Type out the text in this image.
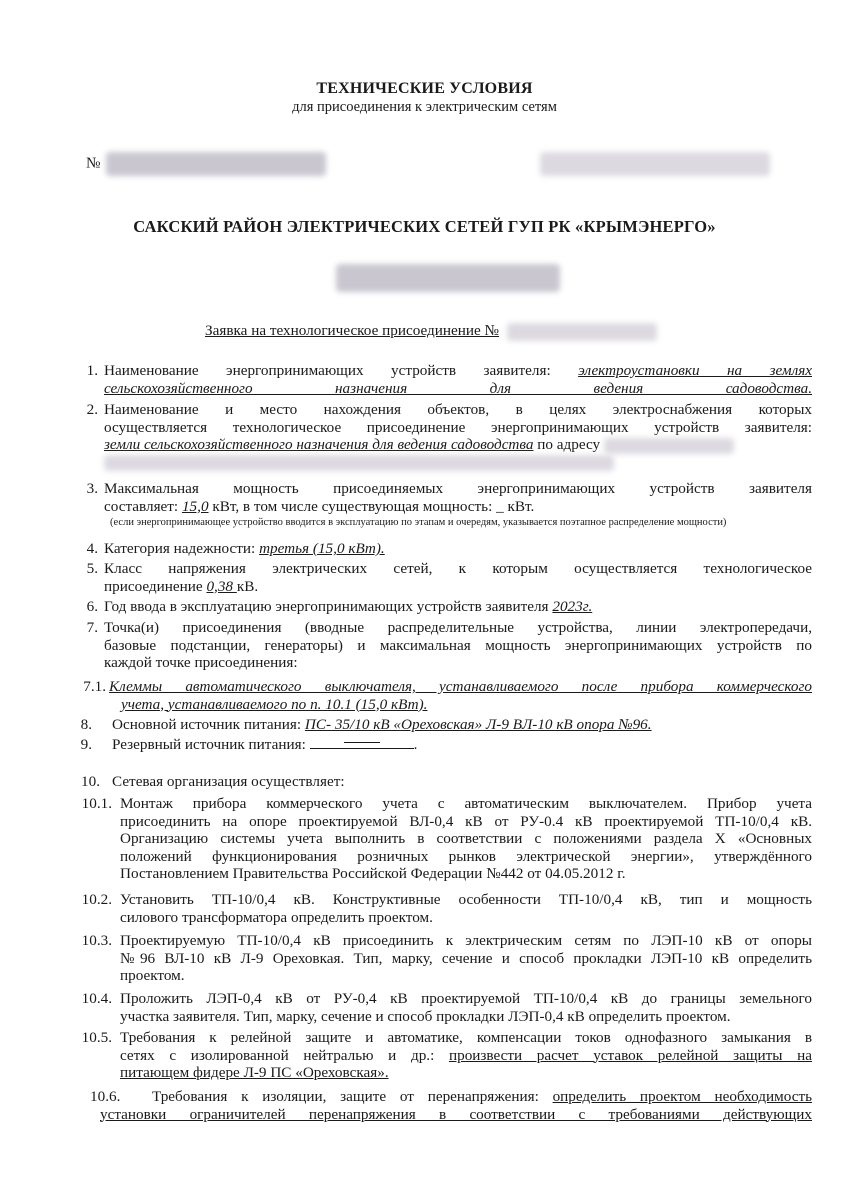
ТЕХНИЧЕСКИЕ УСЛОВИЯ
для присоединения к электрическим сетям
№
САКСКИЙ РАЙОН ЭЛЕКТРИЧЕСКИХ СЕТЕЙ ГУП РК «КРЫМЭНЕРГО»
Заявка на технологическое присоединение №
1. Наименование энергопринимающих устройств заявителя: электроустановки на землях сельскохозяйственного назначения для ведения садоводства.
2. Наименование и место нахождения объектов, в целях электроснабжения которых
осуществляется технологическое присоединение энергопринимающих устройств заявителя:
земли сельскохозяйственного назначения для ведения садоводства по адресу
3. Максимальная мощность присоединяемых энергопринимающих устройств заявителя
составляет: 15,0 кВт, в том числе существующая мощность: _ кВт.
(если энергопринимающее устройство вводится в эксплуатацию по этапам и очередям, указывается поэтапное распределение мощности)
4. Категория надежности: третья (15,0 кВт).
5. Класс напряжения электрических сетей, к которым осуществляется технологическое
присоединение 0,38 кВ.
6. Год ввода в эксплуатацию энергопринимающих устройств заявителя 2023г.
7. Точка(и) присоединения (вводные распределительные устройства, линии электропередачи,
базовые подстанции, генераторы) и максимальная мощность энергопринимающих устройств по
каждой точке присоединения:
7.1. Клеммы автоматического выключателя, устанавливаемого после прибора коммерческого
учета, устанавливаемого по п. 10.1 (15,0 кВт).
8. Основной источник питания: ПС- 35/10 кВ «Ореховская» Л-9 ВЛ-10 кВ опора №96.
9. Резервный источник питания:	.
10. Сетевая организация осуществляет:
10.1. Монтаж прибора коммерческого учета с автоматическим выключателем. Прибор учета
присоединить на опоре проектируемой ВЛ-0,4 кВ от РУ-0.4 кВ проектируемой ТП-10/0,4 кВ.
Организацию системы учета выполнить в соответствии с положениями раздела X «Основных
положений функционирования розничных рынков электрической энергии», утверждённого
Постановлением Правительства Российской Федерации №442 от 04.05.2012 г.
10.2. Установить ТП-10/0,4 кВ. Конструктивные особенности ТП-10/0,4 кВ, тип и мощность
силового трансформатора определить проектом.
10.3. Проектируемую ТП-10/0,4 кВ присоединить к электрическим сетям по ЛЭП-10 кВ от опоры
№96 ВЛ-10 кВ Л-9 Ореховкая. Тип, марку, сечение и способ прокладки ЛЭП-10 кВ определить
проектом.
10.4. Проложить ЛЭП-0,4 кВ от РУ-0,4 кВ проектируемой ТП-10/0,4 кВ до границы земельного
участка заявителя. Тип, марку, сечение и способ прокладки ЛЭП-0,4 кВ определить проектом.
10.5. Требования к релейной защите и автоматике, компенсации токов однофазного замыкания в
сетях с изолированной нейтралью и др.: произвести расчет уставок релейной защиты на
питающем фидере Л-9 ПС «Ореховская».
10.6.	Требования к изоляции, защите от перенапряжения: определить проектом необходимость
установки ограничителей перенапряжения в соответствии с требованиями действующих
